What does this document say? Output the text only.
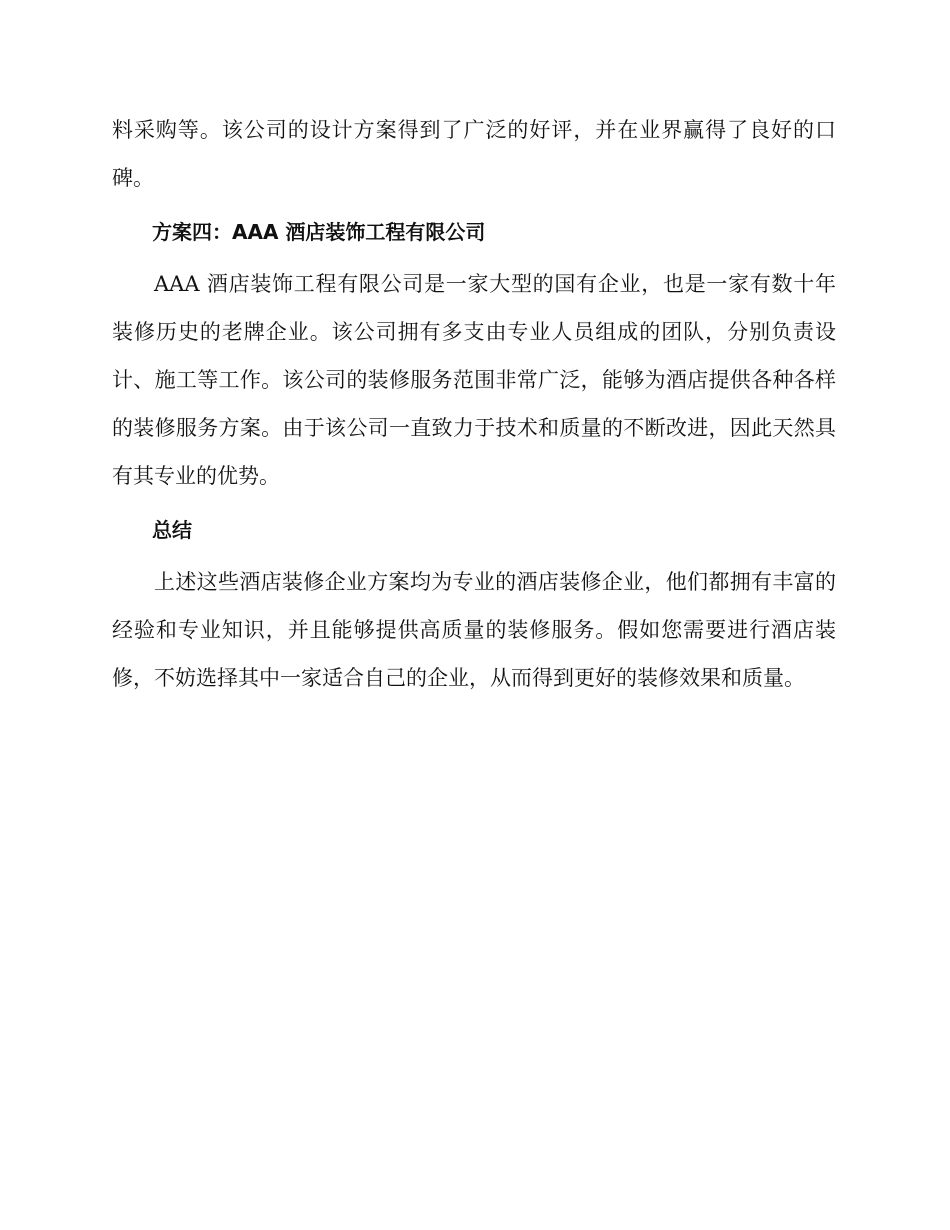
料采购等。该公司的设计方案得到了广泛的好评，并在业界赢得了良好的口碑。

方案四：AAA 酒店装饰工程有限公司

AAA 酒店装饰工程有限公司是一家大型的国有企业，也是一家有数十年装修历史的老牌企业。该公司拥有多支由专业人员组成的团队，分别负责设计、施工等工作。该公司的装修服务范围非常广泛，能够为酒店提供各种各样的装修服务方案。由于该公司一直致力于技术和质量的不断改进，因此天然具有其专业的优势。

总结

上述这些酒店装修企业方案均为专业的酒店装修企业，他们都拥有丰富的经验和专业知识，并且能够提供高质量的装修服务。假如您需要进行酒店装修，不妨选择其中一家适合自己的企业，从而得到更好的装修效果和质量。
